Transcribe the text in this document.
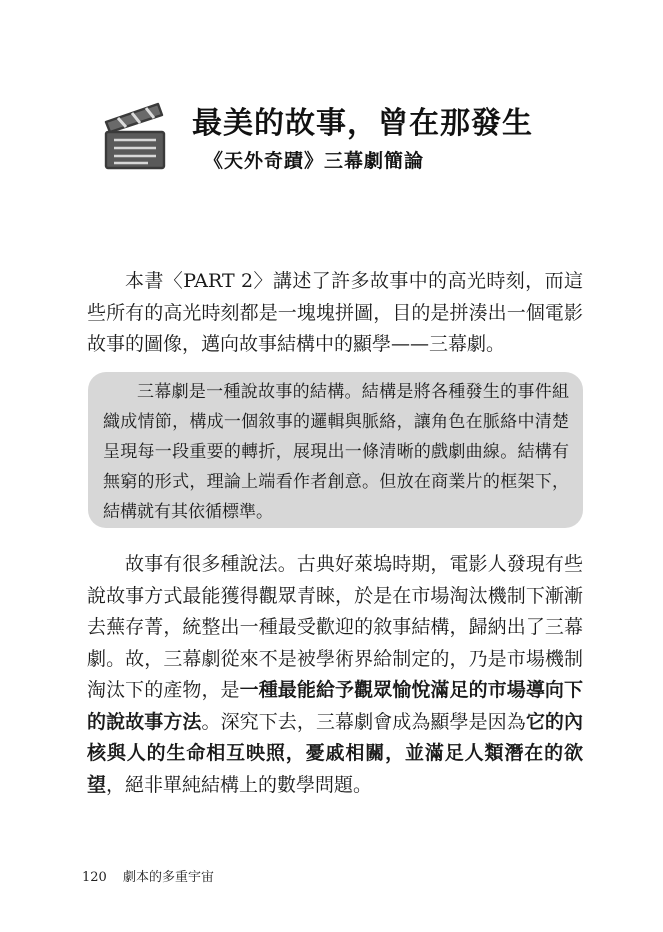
最美的故事，曾在那發生
《天外奇蹟》三幕劇簡論

本書〈PART 2〉講述了許多故事中的高光時刻，而這些所有的高光時刻都是一塊塊拼圖，目的是拼湊出一個電影故事的圖像，邁向故事結構中的顯學——三幕劇。

三幕劇是一種說故事的結構。結構是將各種發生的事件組織成情節，構成一個敘事的邏輯與脈絡，讓角色在脈絡中清楚呈現每一段重要的轉折，展現出一條清晰的戲劇曲線。結構有無窮的形式，理論上端看作者創意。但放在商業片的框架下，結構就有其依循標準。

故事有很多種說法。古典好萊塢時期，電影人發現有些說故事方式最能獲得觀眾青睞，於是在市場淘汰機制下漸漸去蕪存菁，統整出一種最受歡迎的敘事結構，歸納出了三幕劇。故，三幕劇從來不是被學術界給制定的，乃是市場機制淘汰下的產物，是一種最能給予觀眾愉悅滿足的市場導向下的說故事方法。深究下去，三幕劇會成為顯學是因為它的內核與人的生命相互映照，憂戚相關，並滿足人類潛在的欲望，絕非單純結構上的數學問題。

120 劇本的多重宇宙
